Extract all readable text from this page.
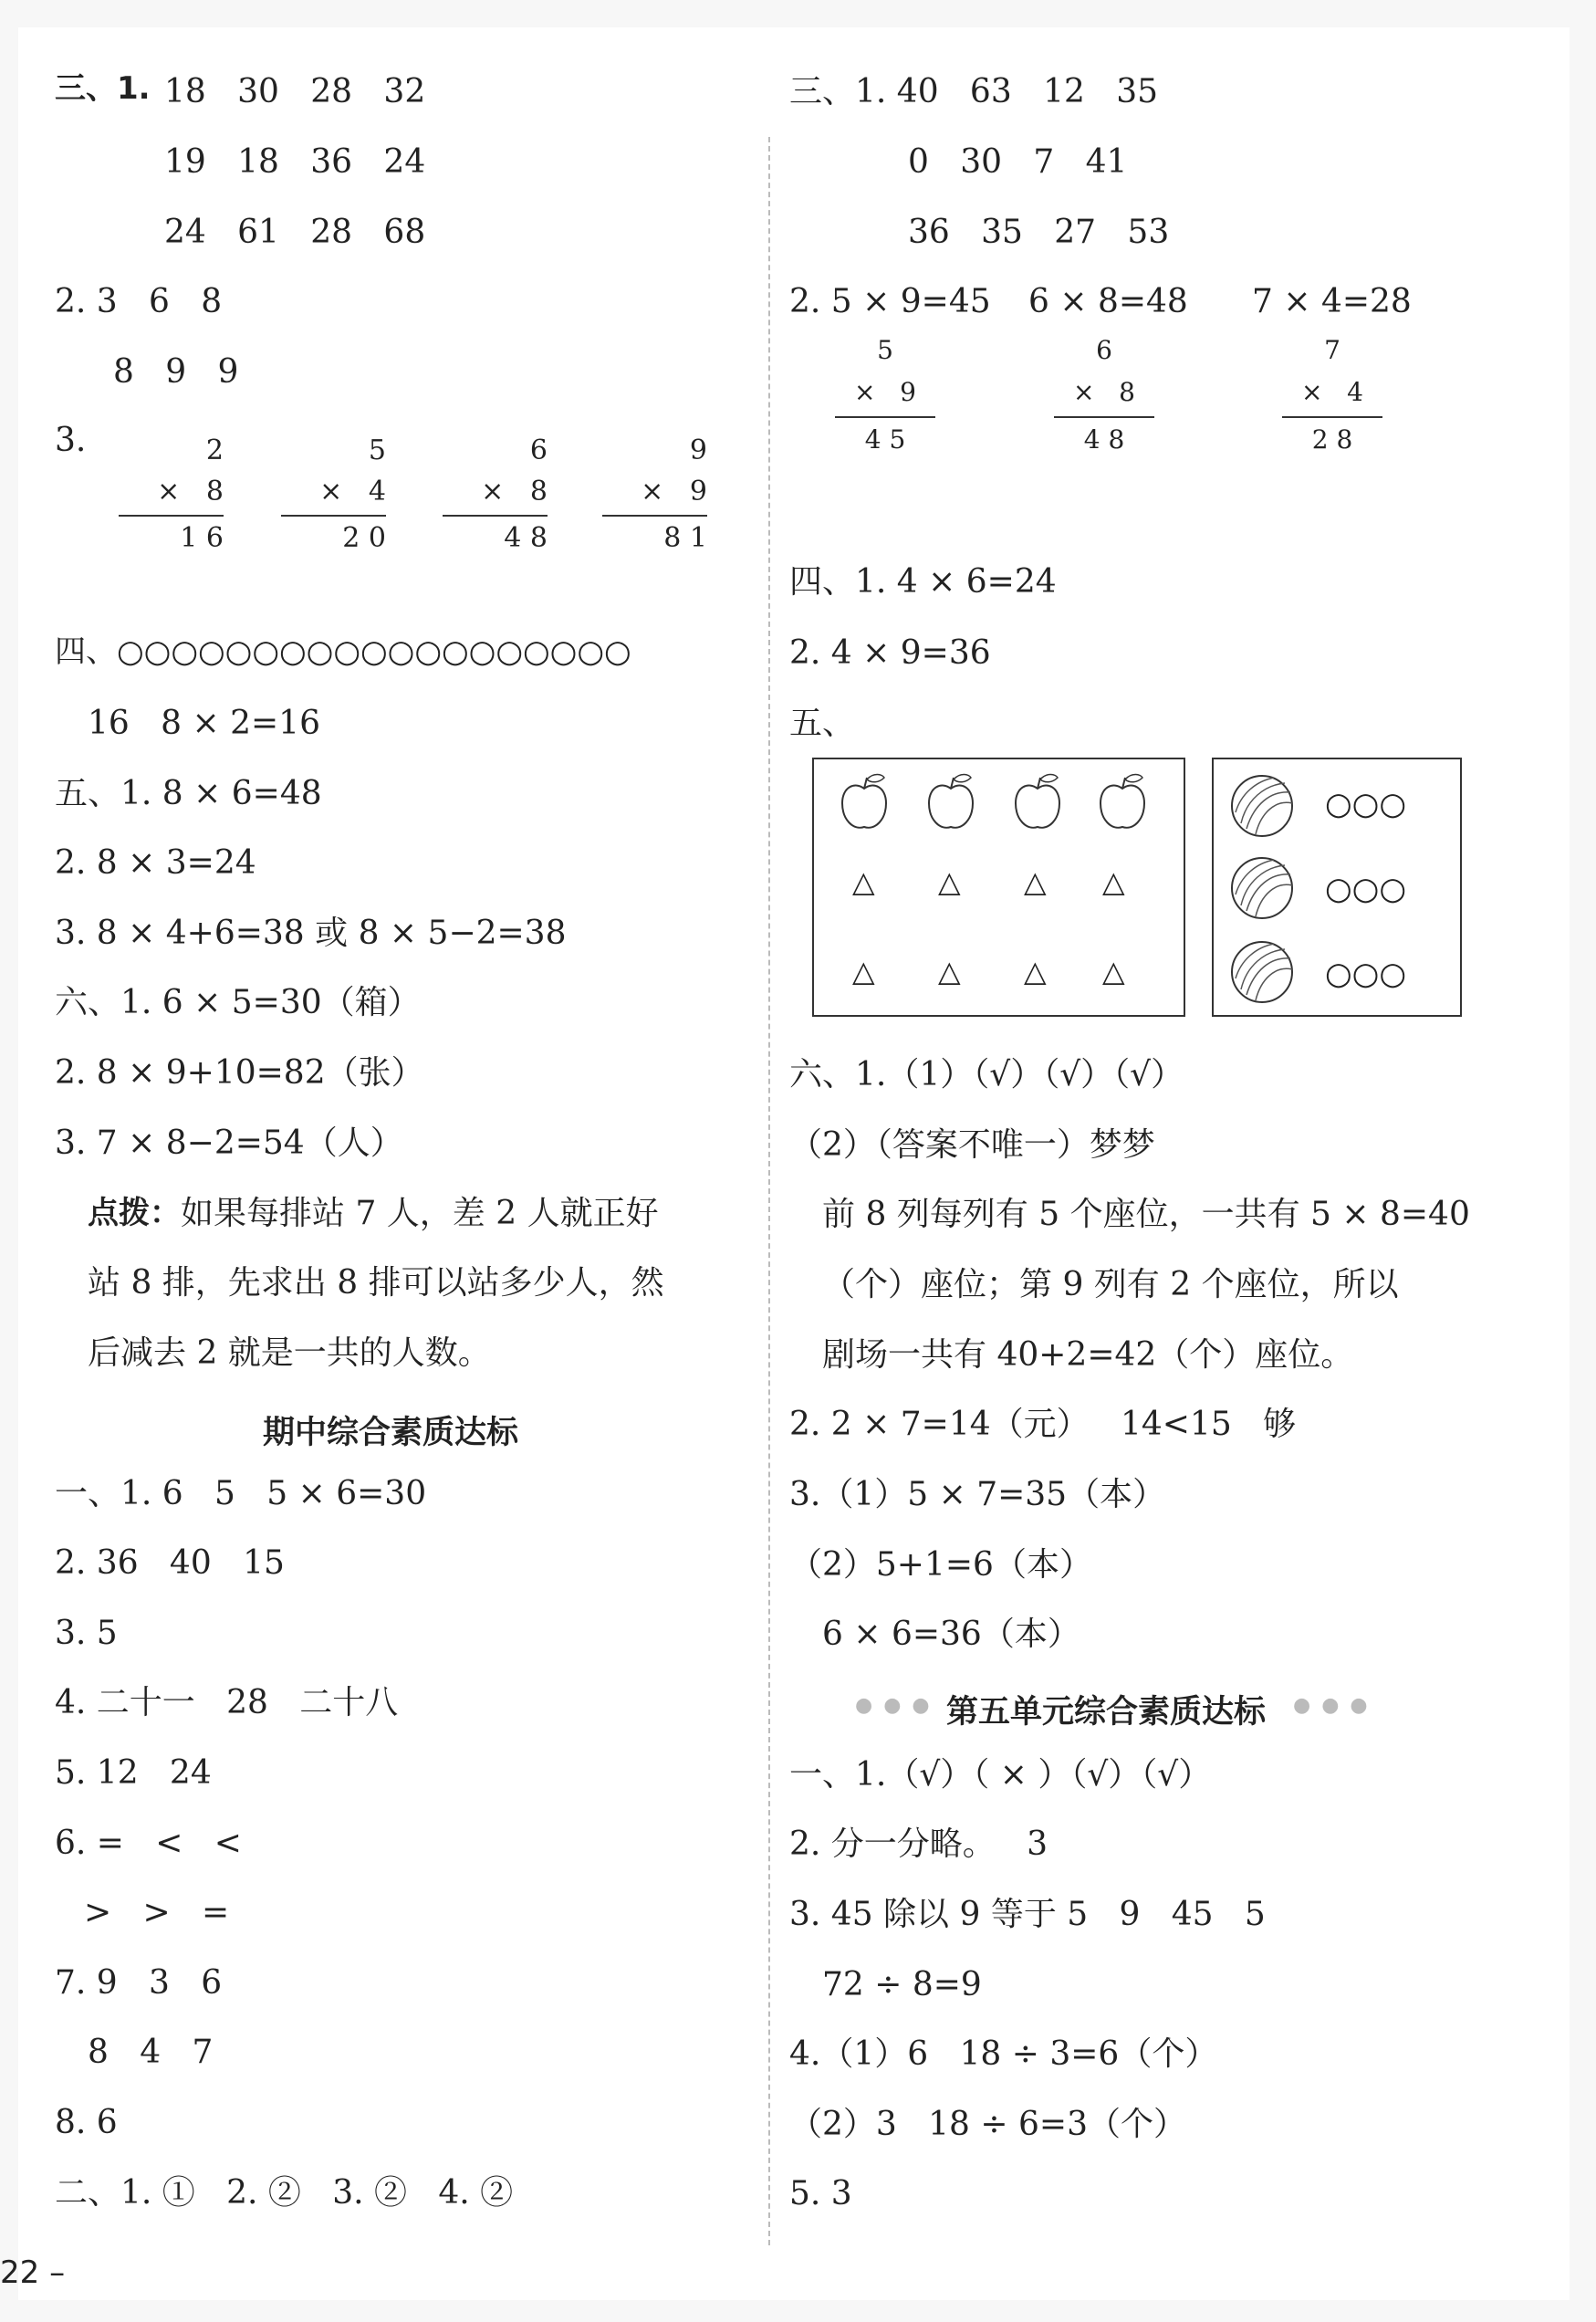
三、1. 18   30   28   32
19   18   36   24
24   61   28   68
2. 3   6   8
8   9   9
3.	2
×   8
1 6
5
×   4
2 0
6
×   8
4 8
9
×   9
8 1
四、○○○○○○○○○○○○○○○○○○○
16   8 × 2=16
五、1. 8 × 6=48
2. 8 × 3=24
3. 8 × 4+6=38 或 8 × 5−2=38
六、1. 6 × 5=30（箱）
2. 8 × 9+10=82（张）
3. 7 × 8−2=54（人）
点拨： 如果每排站 7 人，差 2 人就正好
站 8 排，先求出 8 排可以站多少人，然
后减去 2 就是一共的人数。
期中综合素质达标
一、1. 6   5   5 × 6=30
2. 36   40   15
3. 5
4. 二十一   28   二十八
5. 12   24
6. =   <   <
>   >   =
7. 9   3   6
8   4   7
8. 6
二、1. ①   2. ②   3. ②   4. ②
三、1. 40   63   12   35
0   30   7   41
36   35   27   53
2. 5 × 9=45 6 × 8=48 7 × 4=28
5
×   9
4 5
6
×   8
4 8
7
×   4
2 8
四、1. 4 × 6=24
2. 4 × 9=36
五、
△ △ △ △
△ △ △ △
○○○
○○○
○○○
六、1.（1）（√）（√）（√）
（2）（答案不唯一）梦梦
前 8 列每列有 5 个座位，一共有 5 × 8=40
（个）座位；第 9 列有 2 个座位，所以
剧场一共有 40+2=42（个）座位。
2. 2 × 7=14（元）   14<15   够
3.（1）5 × 7=35（本）
（2）5+1=6（本）
6 × 6=36（本）
●●● 第五单元综合素质达标 ●●●
一、1.（√）（ × ）（√）（√）
2. 分一分略。   3
3. 45 除以 9 等于 5   9   45   5
72 ÷ 8=9
4.（1）6   18 ÷ 3=6（个）
（2）3   18 ÷ 6=3（个）
5. 3
22 –
